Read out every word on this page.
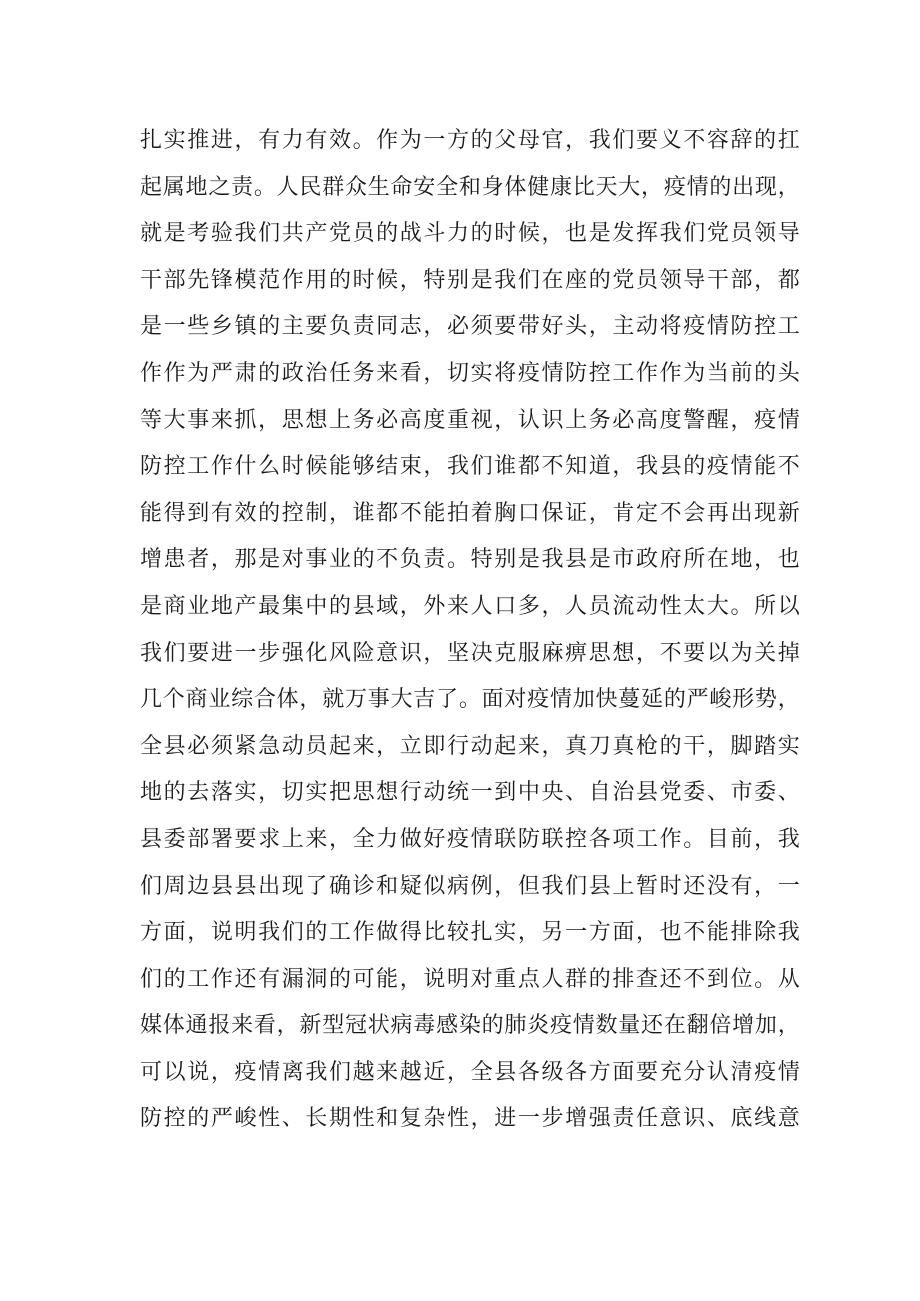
扎实推进，有力有效。作为一方的父母官，我们要义不容辞的扛
起属地之责。人民群众生命安全和身体健康比天大，疫情的出现，
就是考验我们共产党员的战斗力的时候，也是发挥我们党员领导
干部先锋模范作用的时候，特别是我们在座的党员领导干部，都
是一些乡镇的主要负责同志，必须要带好头，主动将疫情防控工
作作为严肃的政治任务来看，切实将疫情防控工作作为当前的头
等大事来抓，思想上务必高度重视，认识上务必高度警醒，疫情
防控工作什么时候能够结束，我们谁都不知道，我县的疫情能不
能得到有效的控制，谁都不能拍着胸口保证，肯定不会再出现新
增患者，那是对事业的不负责。特别是我县是市政府所在地，也
是商业地产最集中的县域，外来人口多，人员流动性太大。所以
我们要进一步强化风险意识，坚决克服麻痹思想，不要以为关掉
几个商业综合体，就万事大吉了。面对疫情加快蔓延的严峻形势，
全县必须紧急动员起来，立即行动起来，真刀真枪的干，脚踏实
地的去落实，切实把思想行动统一到中央、自治县党委、市委、
县委部署要求上来，全力做好疫情联防联控各项工作。目前，我
们周边县县出现了确诊和疑似病例，但我们县上暂时还没有，一
方面，说明我们的工作做得比较扎实，另一方面，也不能排除我
们的工作还有漏洞的可能，说明对重点人群的排查还不到位。从
媒体通报来看，新型冠状病毒感染的肺炎疫情数量还在翻倍增加，
可以说，疫情离我们越来越近，全县各级各方面要充分认清疫情
防控的严峻性、长期性和复杂性，进一步增强责任意识、底线意
